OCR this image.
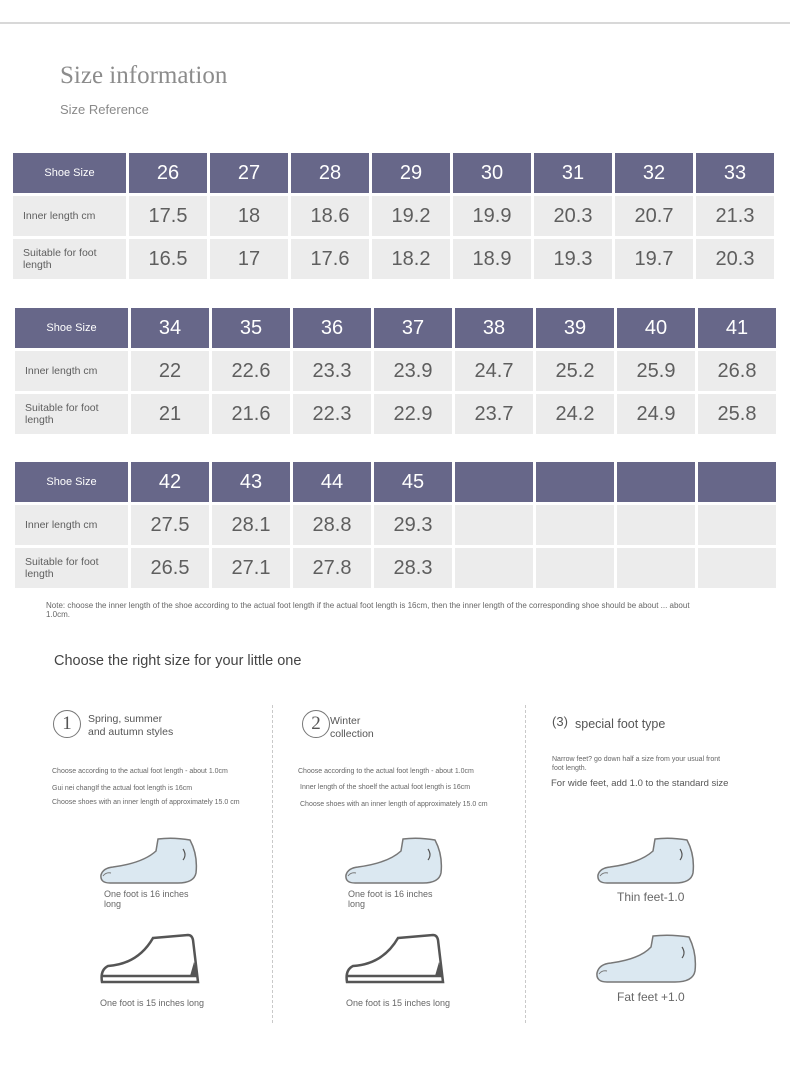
Size information
Size Reference
Shoe Size	26	27	28	29	30	31	32	33
Inner length cm	17.5	18	18.6	19.2	19.9	20.3	20.7	21.3
Suitable for foot length	16.5	17	17.6	18.2	18.9	19.3	19.7	20.3
Shoe Size	34	35	36	37	38	39	40	41
Inner length cm	22	22.6	23.3	23.9	24.7	25.2	25.9	26.8
Suitable for foot length	21	21.6	22.3	22.9	23.7	24.2	24.9	25.8
Shoe Size	42	43	44	45				
Inner length cm	27.5	28.1	28.8	29.3				
Suitable for foot length	26.5	27.1	27.8	28.3				
Note: choose the inner length of the shoe according to the actual foot length if the actual foot length is 16cm, then the inner length of the corresponding shoe should be about ... about 1.0cm.
Choose the right size for your little one
1	Spring, summer
and autumn styles
Choose according to the actual foot length - about 1.0cm
Gui nei changIf the actual foot length is 16cm
Choose shoes with an inner length of approximately 15.0 cm
One foot is 16 inches long
One foot is 15 inches long
2 Winter
collection
Choose according to the actual foot length - about 1.0cm
Inner length of the shoelf the actual foot length is 16cm
Choose shoes with an inner length of approximately 15.0 cm
One foot is 16 inches long
One foot is 15 inches long
(3) special foot type
Narrow feet? go down half a size from your usual front foot length.
For wide feet, add 1.0 to the standard size
Thin feet-1.0
Fat feet +1.0
